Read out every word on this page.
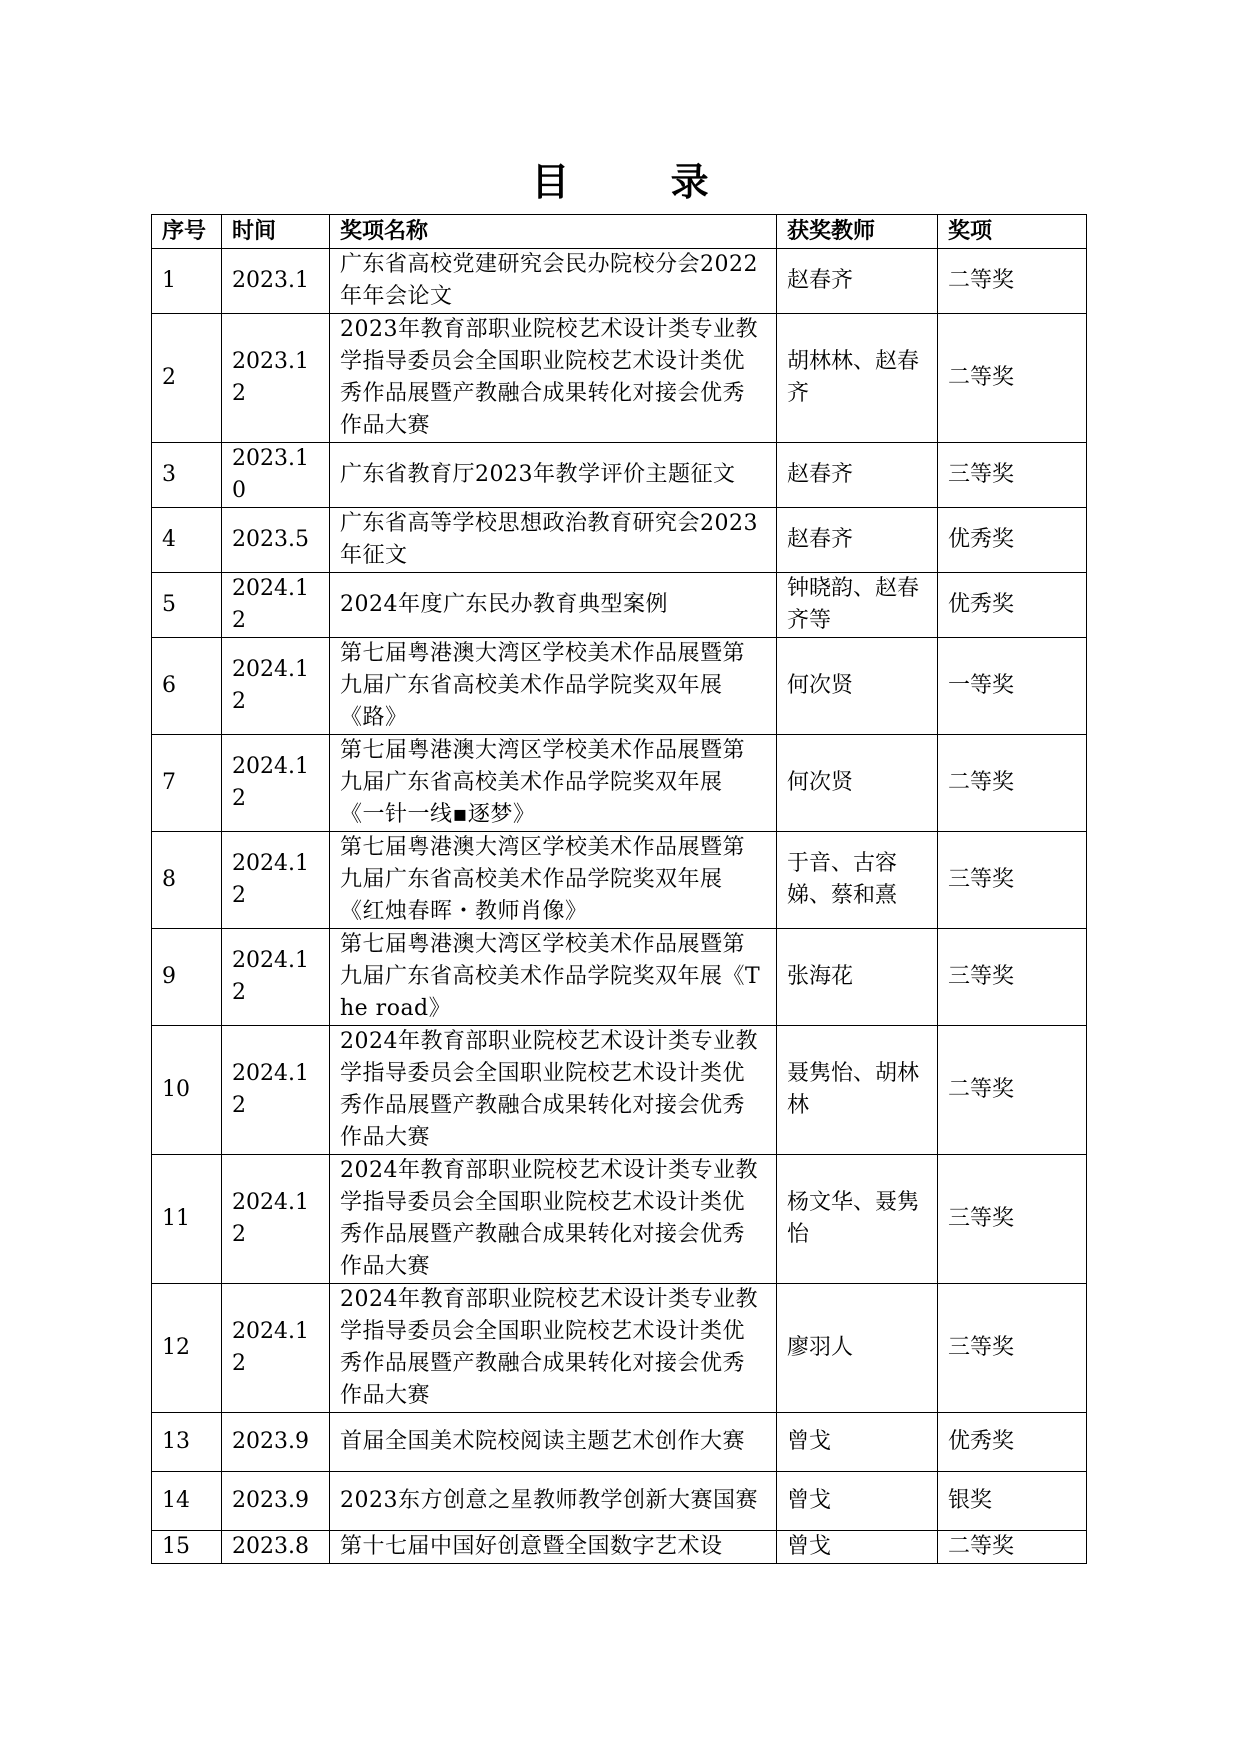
目 录
序号	时间	奖项名称	获奖教师	奖项
1	2023.1	广东省高校党建研究会民办院校分会2022年年会论文	赵春齐	二等奖
2	2023.12	2023年教育部职业院校艺术设计类专业教学指导委员会全国职业院校艺术设计类优秀作品展暨产教融合成果转化对接会优秀作品大赛	胡林林、赵春齐	二等奖
3	2023.10	广东省教育厅2023年教学评价主题征文	赵春齐	三等奖
4	2023.5	广东省高等学校思想政治教育研究会2023年征文	赵春齐	优秀奖
5	2024.12	2024年度广东民办教育典型案例	钟晓韵、赵春齐等	优秀奖
6	2024.12	第七届粤港澳大湾区学校美术作品展暨第九届广东省高校美术作品学院奖双年展《路》	何次贤	一等奖
7	2024.12	第七届粤港澳大湾区学校美术作品展暨第九届广东省高校美术作品学院奖双年展《一针一线▪逐梦》	何次贤	二等奖
8	2024.12	第七届粤港澳大湾区学校美术作品展暨第九届广东省高校美术作品学院奖双年展《红烛春晖・教师肖像》	于音、古容娣、蔡和熹	三等奖
9	2024.12	第七届粤港澳大湾区学校美术作品展暨第九届广东省高校美术作品学院奖双年展《The road》	张海花	三等奖
10	2024.12	2024年教育部职业院校艺术设计类专业教学指导委员会全国职业院校艺术设计类优秀作品展暨产教融合成果转化对接会优秀作品大赛	聂隽怡、胡林林	二等奖
11	2024.12	2024年教育部职业院校艺术设计类专业教学指导委员会全国职业院校艺术设计类优秀作品展暨产教融合成果转化对接会优秀作品大赛	杨文华、聂隽怡	三等奖
12	2024.12	2024年教育部职业院校艺术设计类专业教学指导委员会全国职业院校艺术设计类优秀作品展暨产教融合成果转化对接会优秀作品大赛	廖羽人	三等奖
13	2023.9	首届全国美术院校阅读主题艺术创作大赛	曾戈	优秀奖
14	2023.9	2023东方创意之星教师教学创新大赛国赛	曾戈	银奖
15	2023.8	第十七届中国好创意暨全国数字艺术设	曾戈	二等奖
